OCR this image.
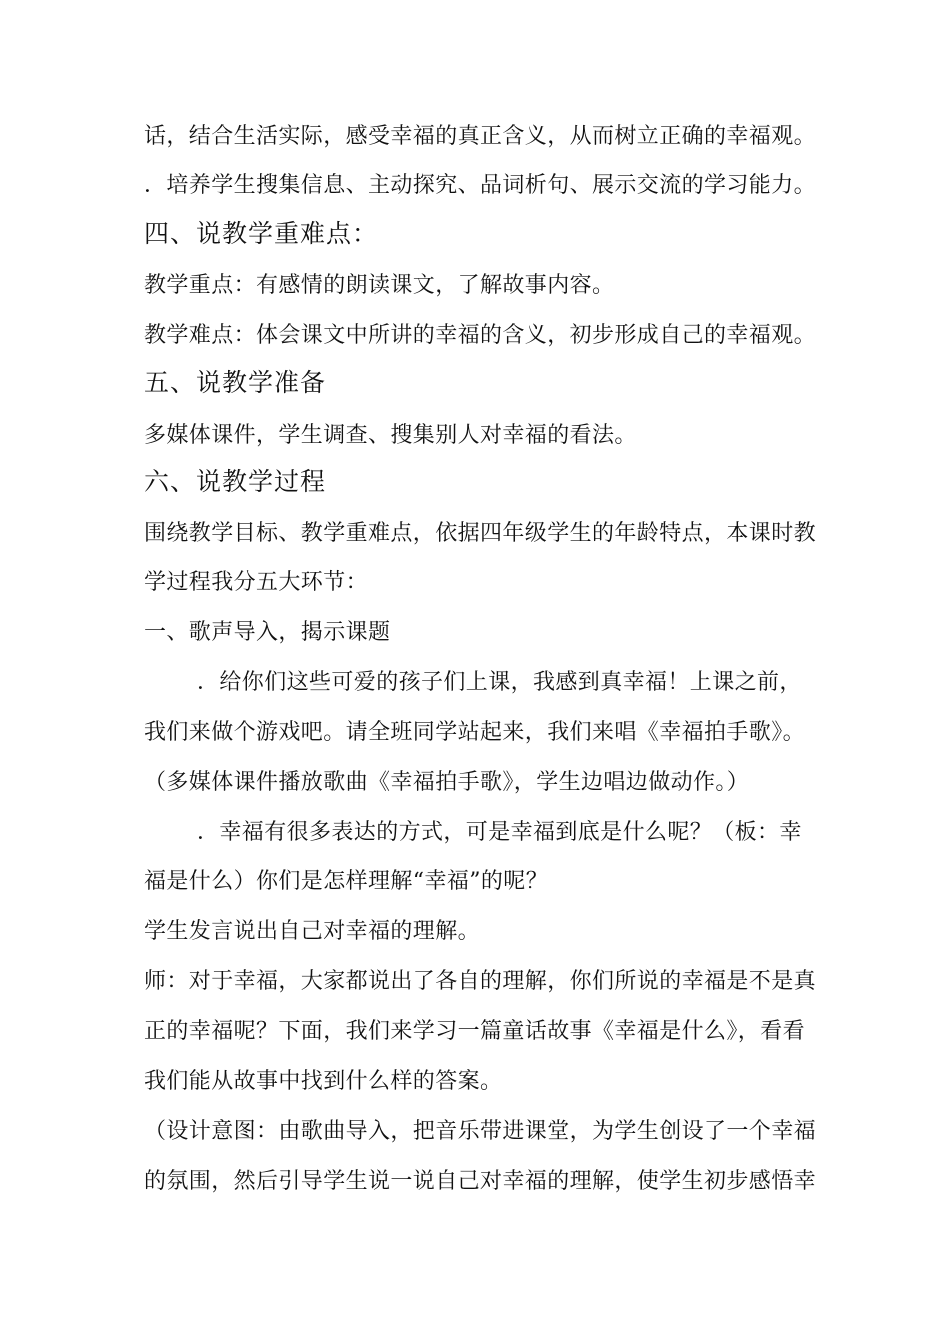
话，结合生活实际，感受幸福的真正含义，从而树立正确的幸福观。
．培养学生搜集信息、主动探究、品词析句、展示交流的学习能力。
四、说教学重难点：
教学重点：有感情的朗读课文，了解故事内容。
教学难点：体会课文中所讲的幸福的含义，初步形成自己的幸福观。
五、说教学准备
多媒体课件，学生调查、搜集别人对幸福的看法。
六、说教学过程
围绕教学目标、教学重难点，依据四年级学生的年龄特点，本课时教
学过程我分五大环节：
一、歌声导入，揭示课题
．给你们这些可爱的孩子们上课，我感到真幸福！上课之前，
我们来做个游戏吧。请全班同学站起来，我们来唱《幸福拍手歌》。
（多媒体课件播放歌曲《幸福拍手歌》，学生边唱边做动作。）
．幸福有很多表达的方式，可是幸福到底是什么呢？（板：幸
福是什么）你们是怎样理解“幸福”的呢？
学生发言说出自己对幸福的理解。
师：对于幸福，大家都说出了各自的理解，你们所说的幸福是不是真
正的幸福呢？下面，我们来学习一篇童话故事《幸福是什么》，看看
我们能从故事中找到什么样的答案。
（设计意图：由歌曲导入，把音乐带进课堂，为学生创设了一个幸福
的氛围，然后引导学生说一说自己对幸福的理解，使学生初步感悟幸
